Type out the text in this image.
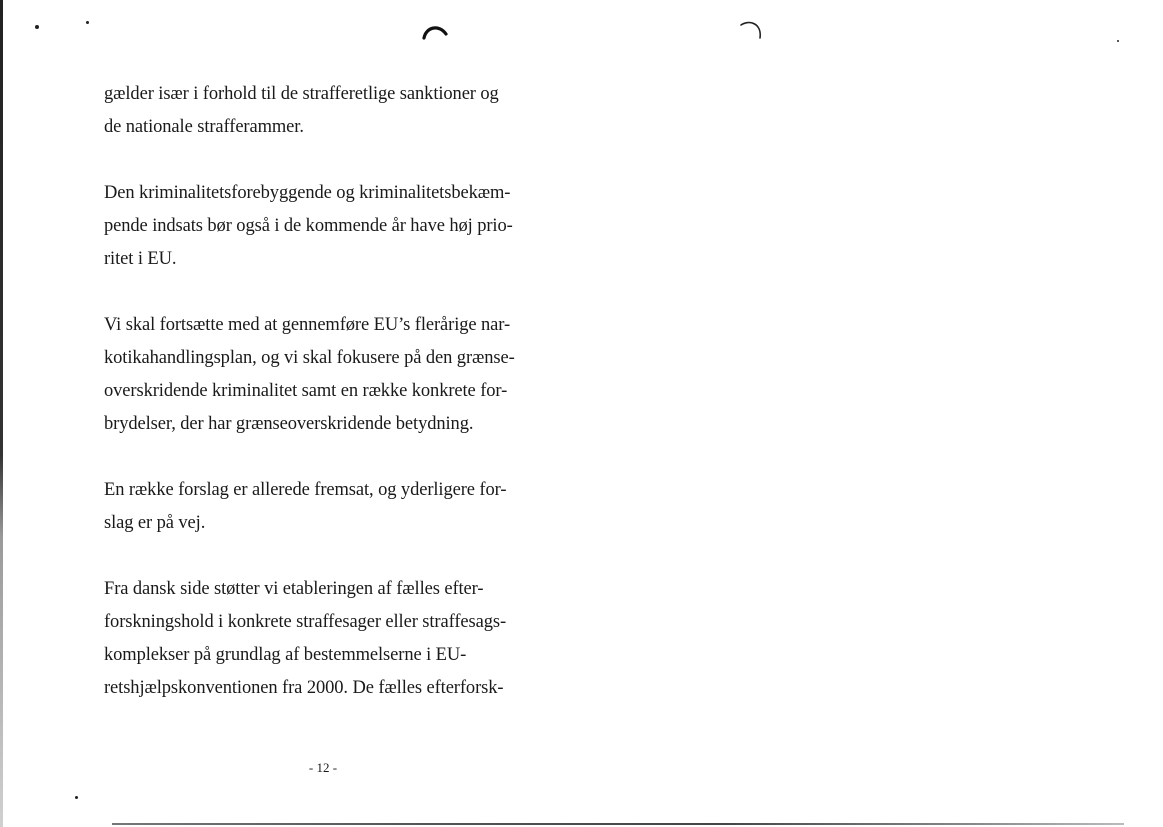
gælder især i forhold til de strafferetlige sanktioner og
de nationale strafferammer.
Den kriminalitetsforebyggende og kriminalitetsbekæm-
pende indsats bør også i de kommende år have høj prio-
ritet i EU.
Vi skal fortsætte med at gennemføre EU’s flerårige nar-
kotikahandlingsplan, og vi skal fokusere på den grænse-
overskridende kriminalitet samt en række konkrete for-
brydelser, der har grænseoverskridende betydning.
En række forslag er allerede fremsat, og yderligere for-
slag er på vej.
Fra dansk side støtter vi etableringen af fælles efter-
forskningshold i konkrete straffesager eller straffesags-
komplekser på grundlag af bestemmelserne i EU-
retshjælpskonventionen fra 2000. De fælles efterforsk-
- 12 -
